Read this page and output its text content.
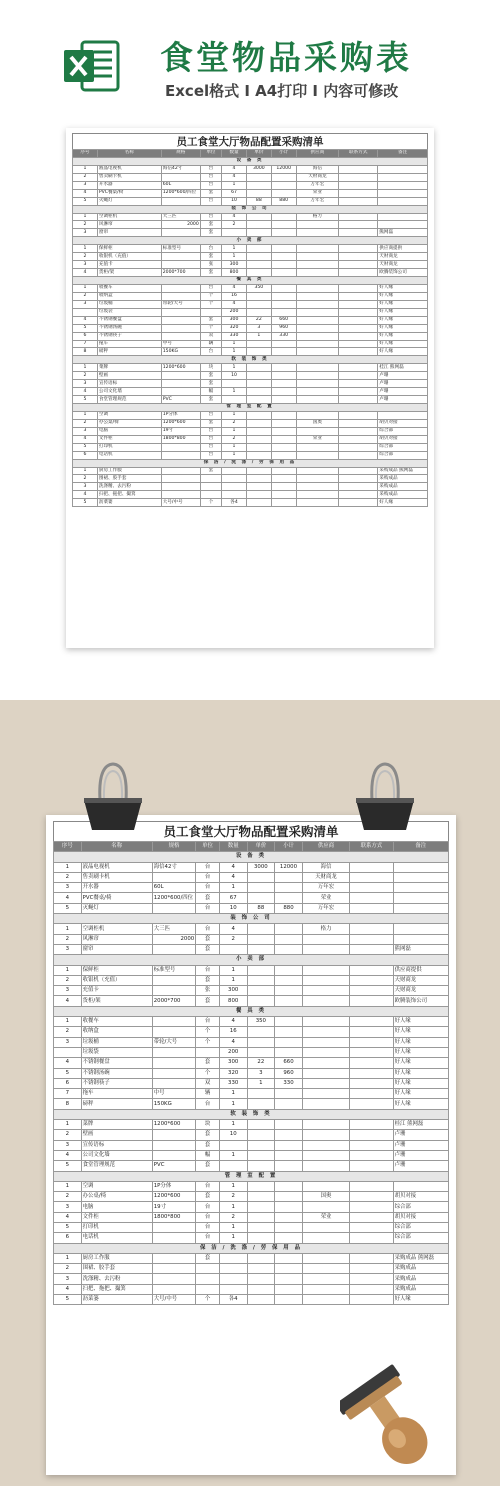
食堂物品采购表
Excel格式 I A4打印 I 内容可修改
员工食堂大厅物品配置采购清单
序号	名称	规格	单位	数量	单价	小计	供应商	联系方式	备注
设 备 类									
1	液晶电视机	海信42寸	台	4	3000	12000	海信		
2	售卖刷卡机		台	4			天财商龙		
3	开水器	60L	台	1			万年宏		
4	PVC餐桌/椅	1200*600/四位	套	67			荣业		
5	灭蝇灯		台	10	88	880	万年宏		
装 饰 公 司									
1	空调柜机	大三匹	台	4			格力		
2	风淋帘	2000	套	2					
3	窗帘		套						熊网磊
小 卖 部									
1	保鲜柜	标准型号	台	1					供应商提供
2	收银机（充值）		套	1					天财商龙
3	充值卡		张	300					天财商龙
4	货柜/架	2000*700	套	800					欧腾装饰公司
餐 具 类									
1	收餐车		台	4	350				好人缘
2	收纳盒		个	16					好人缘
3	垃圾桶	带轮/大号	个	4					好人缘
	垃圾袋			200					好人缘
4	不锈钢餐盘		套	300	22	660			好人缘
5	不锈钢汤碗		个	320	3	960			好人缘
6	不锈钢筷子		双	330	1	330			好人缘
7	拖车	中号	辆	1					好人缘
8	磅秤	150KG	台	1					好人缘
软 装 饰 类									
1	菜牌	1200*600	块	1					桂江 熊网磊
2	壁画		套	10					卢珊
3	宣传语标		套						卢珊
4	公司文化墙		幅	1					卢珊
5	食堂管理规范	PVC	套						卢珊
管 理 室 配 置									
1	空调	1P分体	台	1					
2	办公桌/椅	1200*600	套	2			国奥		胡贝对接
3	电脑	19寸	台	1					综合部
4	文件柜	1800*800	台	2			荣业		胡贝对接
5	打印机		台	1					综合部
6	电话机		台	1					综合部
保 洁 / 洗 涤 / 劳 保 用 品									
1	厨房工作服		套						采购成品 熊网磊
2	围裙、胶手套								采购成品
3	洗涤精、去污粉								采购成品
4	扫把、拖把、撮箕								采购成品
5	沥菜篓	大号/中号	个	各4					好人缘
员工食堂大厅物品配置采购清单
序号	名称	规格	单位	数量	单价	小计	供应商	联系方式	备注
设 备 类									
1	液晶电视机	海信42寸	台	4	3000	12000	海信		
2	售卖刷卡机		台	4			天财商龙		
3	开水器	60L	台	1			万年宏		
4	PVC餐桌/椅	1200*600/四位	套	67			荣业		
5	灭蝇灯		台	10	88	880	万年宏		
装 饰 公 司									
1	空调柜机	大三匹	台	4			格力		
2	风淋帘	2000	套	2					
3	窗帘		套						熊网磊
小 卖 部									
1	保鲜柜	标准型号	台	1					供应商提供
2	收银机（充值）		套	1					天财商龙
3	充值卡		张	300					天财商龙
4	货柜/架	2000*700	套	800					欧腾装饰公司
餐 具 类									
1	收餐车		台	4	350				好人缘
2	收纳盒		个	16					好人缘
3	垃圾桶	带轮/大号	个	4					好人缘
	垃圾袋			200					好人缘
4	不锈钢餐盘		套	300	22	660			好人缘
5	不锈钢汤碗		个	320	3	960			好人缘
6	不锈钢筷子		双	330	1	330			好人缘
7	拖车	中号	辆	1					好人缘
8	磅秤	150KG	台	1					好人缘
软 装 饰 类									
1	菜牌	1200*600	块	1					桂江 熊网磊
2	壁画		套	10					卢珊
3	宣传语标		套						卢珊
4	公司文化墙		幅	1					卢珊
5	食堂管理规范	PVC	套						卢珊
管 理 室 配 置									
1	空调	1P分体	台	1					
2	办公桌/椅	1200*600	套	2			国奥		胡贝对接
3	电脑	19寸	台	1					综合部
4	文件柜	1800*800	台	2			荣业		胡贝对接
5	打印机		台	1					综合部
6	电话机		台	1					综合部
保 洁 / 洗 涤 / 劳 保 用 品									
1	厨房工作服		套						采购成品 熊网磊
2	围裙、胶手套								采购成品
3	洗涤精、去污粉								采购成品
4	扫把、拖把、撮箕								采购成品
5	沥菜篓	大号/中号	个	各4					好人缘
